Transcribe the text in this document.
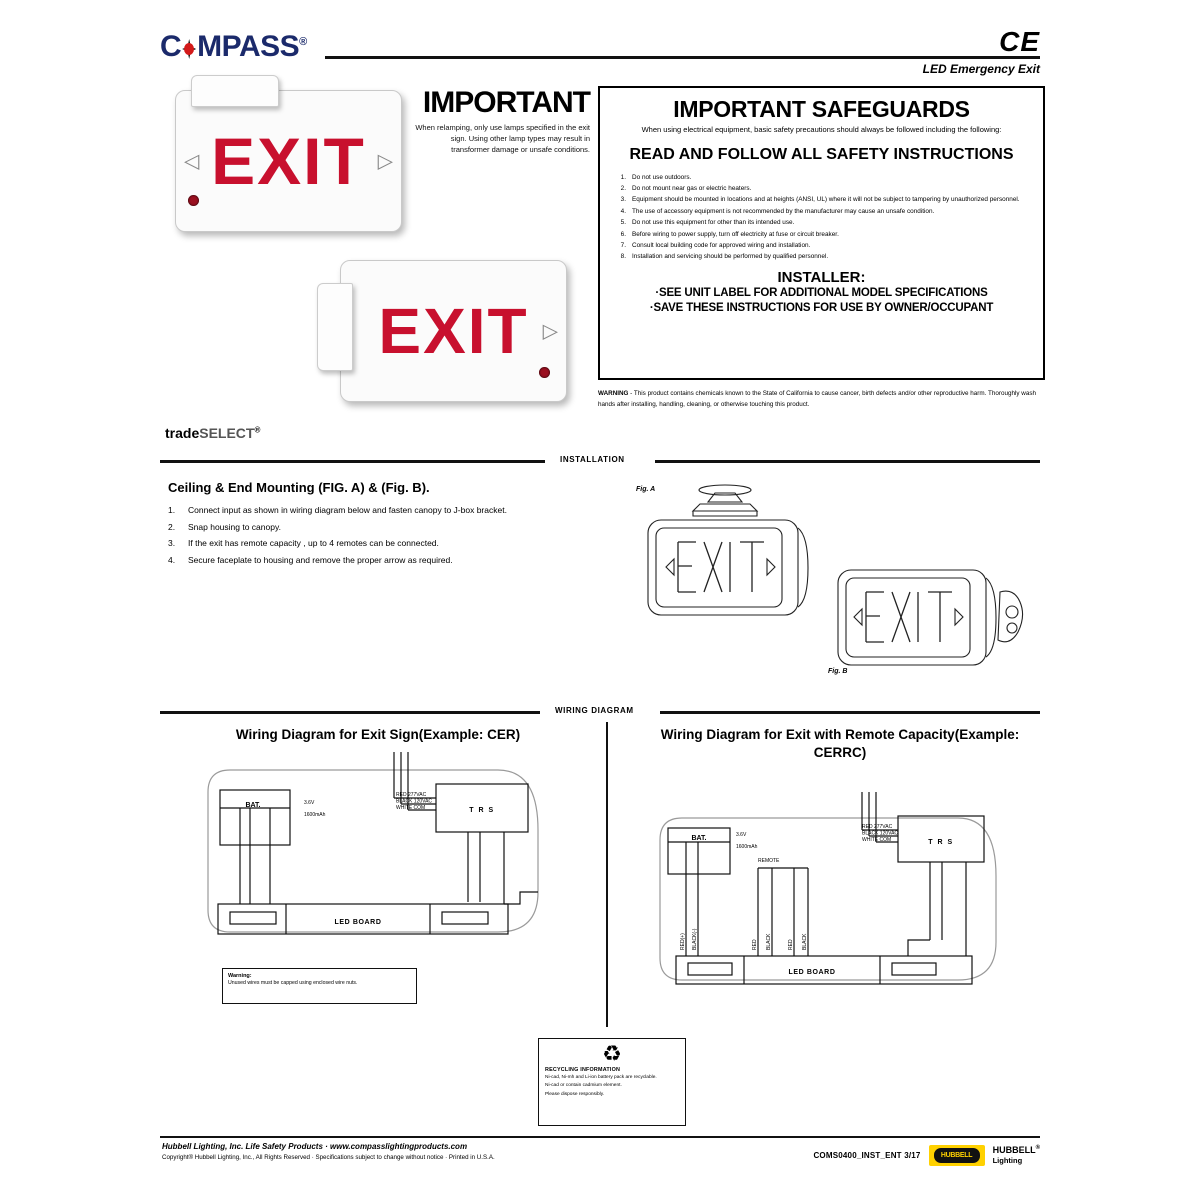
C MPASS®	CE
LED Emergency Exit
◁	▷
EXIT
▷
EXIT
tradeSELECT®
IMPORTANT

When relamping, only use lamps specified in the exit sign. Using other lamp types may result in transformer damage or unsafe conditions.

IMPORTANT SAFEGUARDS

When using electrical equipment, basic safety precautions should always be followed including the following:

READ AND FOLLOW ALL SAFETY INSTRUCTIONS
1. Do not use outdoors.
2. Do not mount near gas or electric heaters.
3. Equipment should be mounted in locations and at heights (ANSI, UL) where it will not be subject to tampering by unauthorized personnel.
4. The use of accessory equipment is not recommended by the manufacturer may cause an unsafe condition.
5. Do not use this equipment for other than its intended use.
6. Before wiring to power supply, turn off electricity at fuse or circuit breaker.
7. Consult local building code for approved wiring and installation.
8. Installation and servicing should be performed by qualified personnel.
INSTALLER:
·SEE UNIT LABEL FOR ADDITIONAL MODEL SPECIFICATIONS
·SAVE THESE INSTRUCTIONS FOR USE BY OWNER/OCCUPANT
WARNING - This product contains chemicals known to the State of California to cause cancer, birth defects and/or other reproductive harm. Thoroughly wash hands after installing, handling, cleaning, or otherwise touching this product.
INSTALLATION
Ceiling & End Mounting (FIG. A) & (Fig. B).
1.	Connect input as shown in wiring diagram below and fasten canopy to J-box bracket.
2.	Snap housing to canopy.
3.	If the exit has remote capacity , up to 4 remotes can be connected.
4.	Secure faceplate to housing and remove the proper arrow as required.
Fig. A
Fig. B
WIRING DIAGRAM

Wiring Diagram for Exit Sign(Example: CER)

BAT.	3.6V
1600mAh
RED 277VAC
BLACK 120VAC
WHITE COM	T R S
LED BOARD
Warning:
Unused wires must be capped using enclosed wire nuts.

Wiring Diagram for Exit with Remote Capacity(Example: CERRC)

BAT.	3.6V
1600mAh
REMOTE
RED 277VAC
BLACK 120VAC
WHITE COM	T R S
LED BOARD
RED(+) BLACK(-)	RED BLACK	RED BLACK
♻
RECYCLING INFORMATION
Ni-cad, Ni-mh and Li-ion battery pack are recyclable.
Ni-cad or contain cadmium element.
Please dispose responsibly.
Hubbell Lighting, Inc. Life Safety Products · www.compasslightingproducts.com
Copyright® Hubbell Lighting, Inc., All Rights Reserved · Specifications subject to change without notice · Printed in U.S.A.	COMS0400_INST_ENT 3/17	HUBBELL
HUBBELL®
Lighting
